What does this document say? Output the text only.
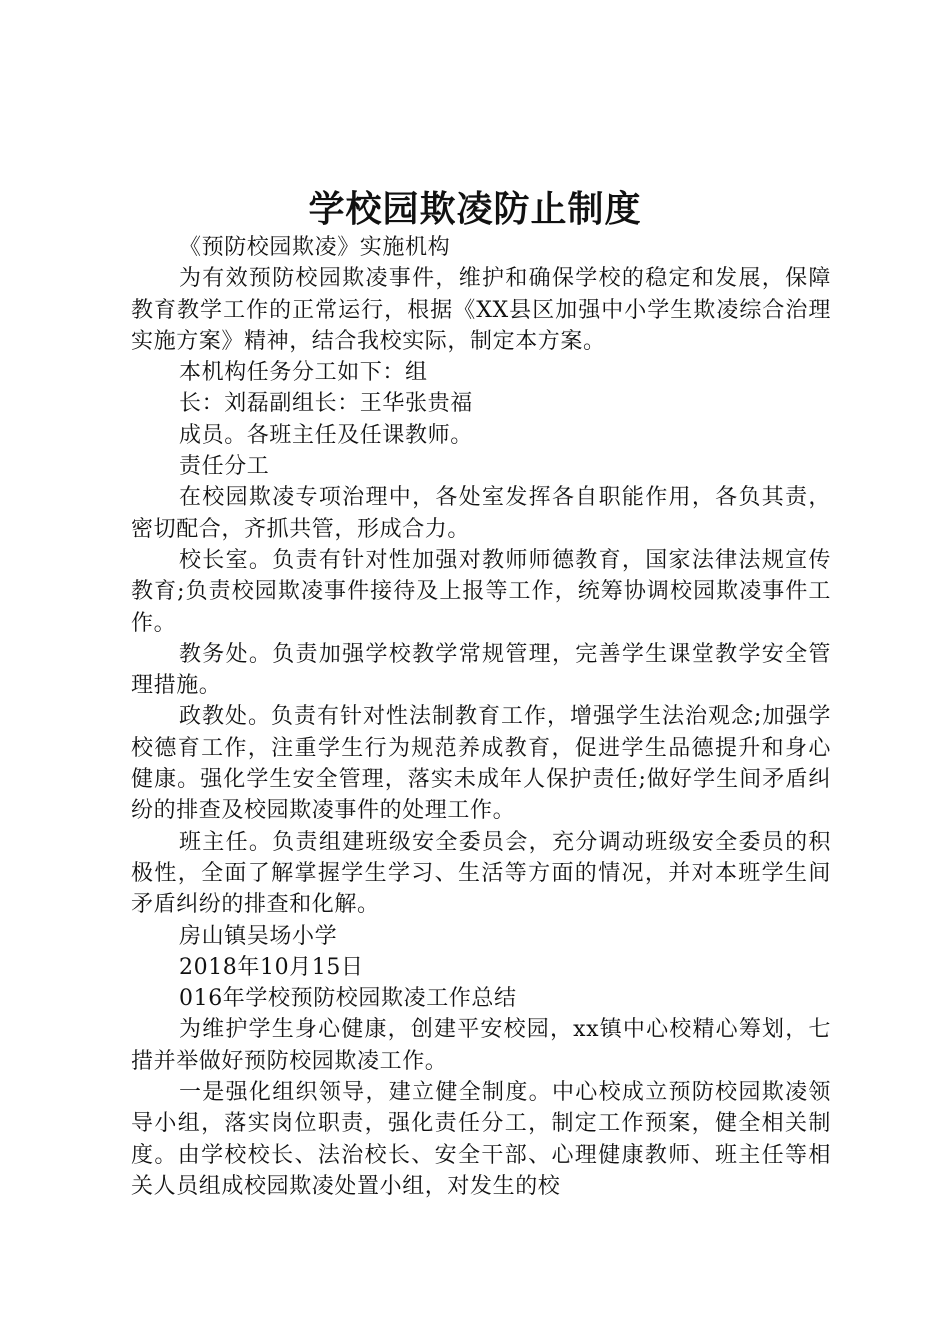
学校园欺凌防止制度

《预防校园欺凌》实施机构

为有效预防校园欺凌事件，维护和确保学校的稳定和发展，保障教育教学工作的正常运行，根据《XX县区加强中小学生欺凌综合治理实施方案》精神，结合我校实际，制定本方案。

本机构任务分工如下：组

长：刘磊副组长：王华张贵福

成员。各班主任及任课教师。

责任分工

在校园欺凌专项治理中，各处室发挥各自职能作用，各负其责，密切配合，齐抓共管，形成合力。

校长室。负责有针对性加强对教师师德教育，国家法律法规宣传教育;负责校园欺凌事件接待及上报等工作，统筹协调校园欺凌事件工作。

教务处。负责加强学校教学常规管理，完善学生课堂教学安全管理措施。

政教处。负责有针对性法制教育工作，增强学生法治观念;加强学校德育工作，注重学生行为规范养成教育，促进学生品德提升和身心健康。强化学生安全管理，落实未成年人保护责任;做好学生间矛盾纠纷的排查及校园欺凌事件的处理工作。

班主任。负责组建班级安全委员会，充分调动班级安全委员的积极性，全面了解掌握学生学习、生活等方面的情况，并对本班学生间矛盾纠纷的排查和化解。

房山镇吴场小学

2018年10月15日

016年学校预防校园欺凌工作总结

为维护学生身心健康，创建平安校园，xx镇中心校精心筹划，七措并举做好预防校园欺凌工作。

一是强化组织领导，建立健全制度。中心校成立预防校园欺凌领导小组，落实岗位职责，强化责任分工，制定工作预案，健全相关制度。由学校校长、法治校长、安全干部、心理健康教师、班主任等相关人员组成校园欺凌处置小组，对发生的校
